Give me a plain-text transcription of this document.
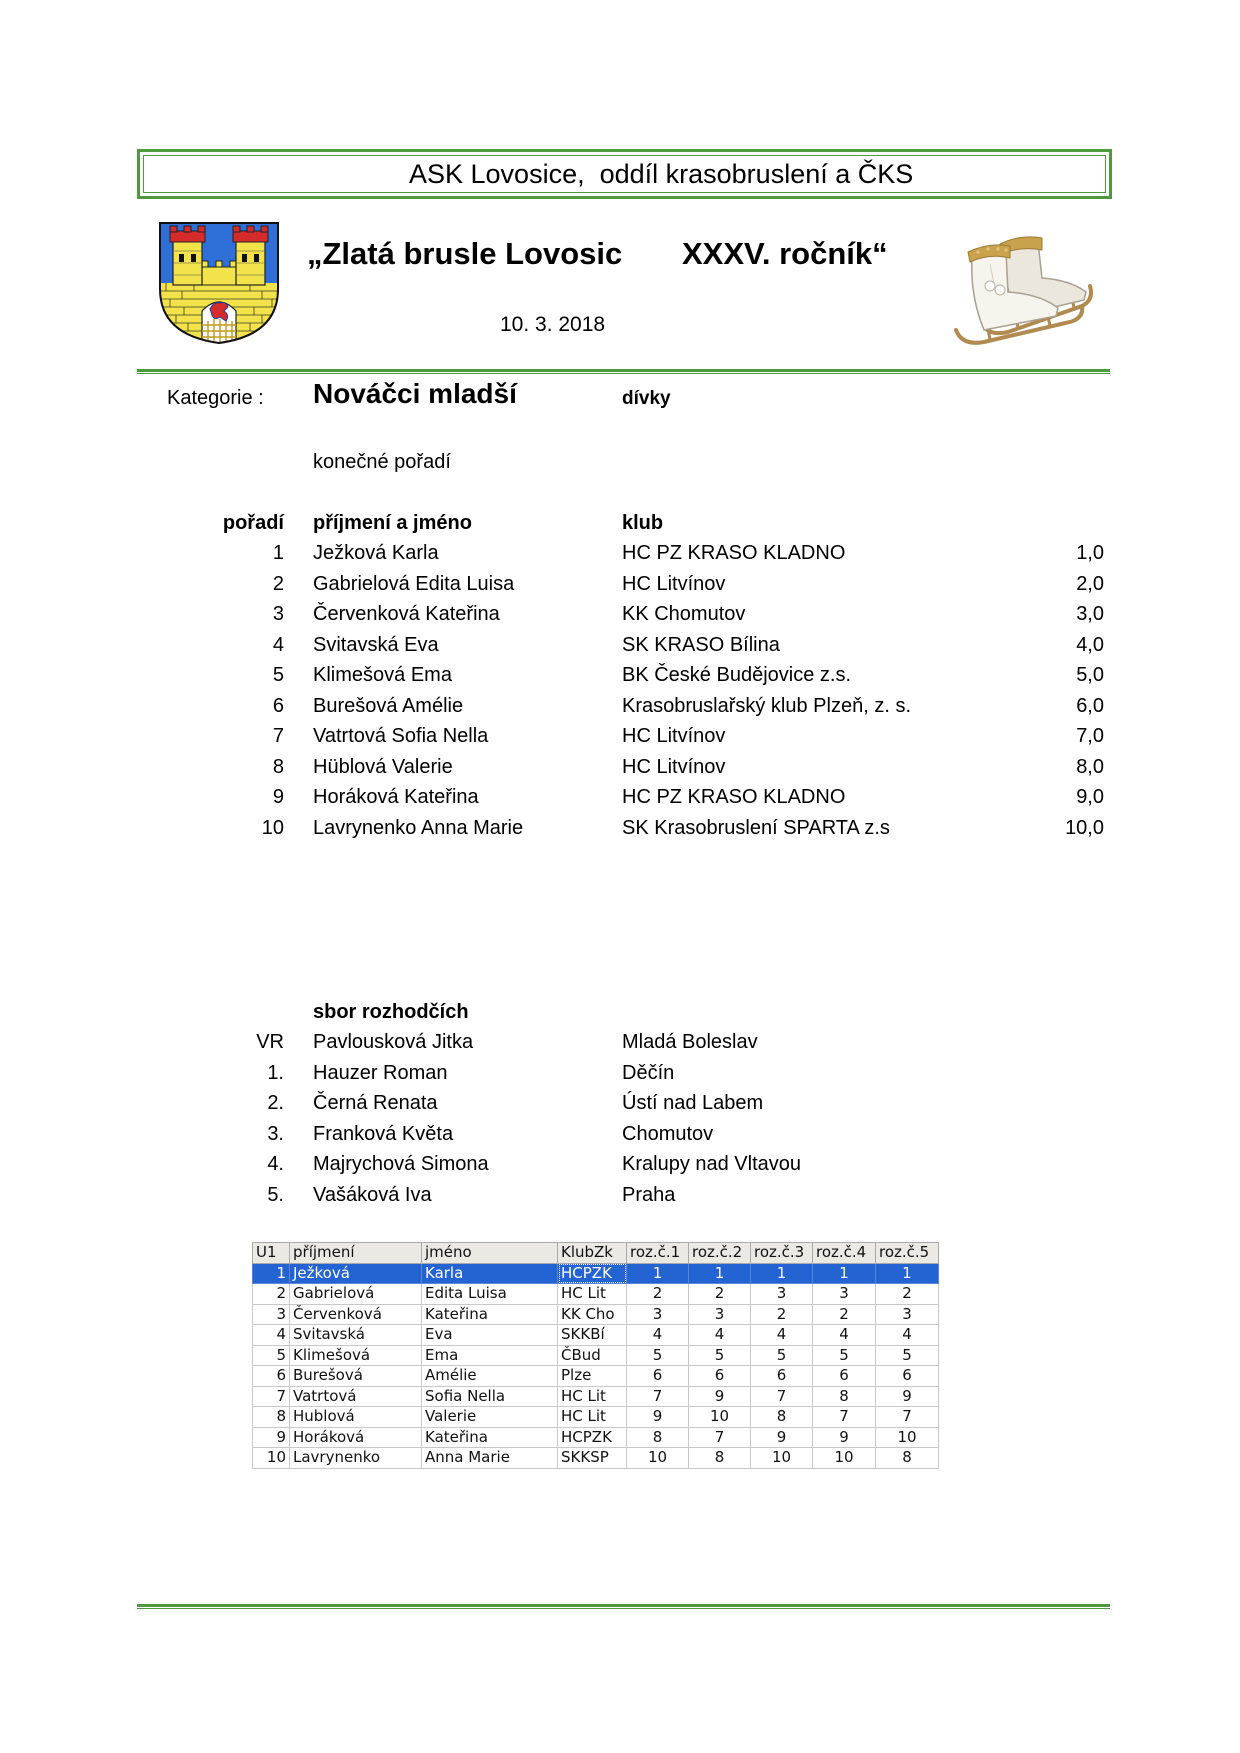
ASK Lovosice,  oddíl krasobruslení a ČKS
„Zlatá brusle Lovosic XXXV. ročník“
10. 3. 2018
Kategorie : Nováčci mladší	dívky
konečné pořadí
pořadí příjmení a jméno	klub
1 Ježková Karla	HC PZ KRASO KLADNO	1,0
2 Gabrielová Edita Luisa	HC Litvínov	2,0
3 Červenková Kateřina	KK Chomutov	3,0
4 Svitavská Eva	SK KRASO Bílina	4,0
5 Klimešová Ema	BK České Budějovice z.s.	5,0
6 Burešová Amélie	Krasobruslařský klub Plzeň, z. s.	6,0
7 Vatrtová Sofia Nella	HC Litvínov	7,0
8 Hüblová Valerie	HC Litvínov	8,0
9 Horáková Kateřina	HC PZ KRASO KLADNO	9,0
10 Lavrynenko Anna Marie	SK Krasobruslení SPARTA z.s	10,0
sbor rozhodčích
VR Pavlousková Jitka	Mladá Boleslav
1. Hauzer Roman	Děčín
2. Černá Renata	Ústí nad Labem
3. Franková Květa	Chomutov
4. Majrychová Simona	Kralupy nad Vltavou
5. Vašáková Iva	Praha
U1	příjmení	jméno	KlubZk	roz.č.1	roz.č.2	roz.č.3	roz.č.4	roz.č.5
1	Ježková	Karla	HCPZK	1	1	1	1	1
2	Gabrielová	Edita Luisa	HC Lit	2	2	3	3	2
3	Červenková	Kateřina	KK Cho	3	3	2	2	3
4	Svitavská	Eva	SKKBí	4	4	4	4	4
5	Klimešová	Ema	ČBud	5	5	5	5	5
6	Burešová	Amélie	Plze	6	6	6	6	6
7	Vatrtová	Sofia Nella	HC Lit	7	9	7	8	9
8	Hublová	Valerie	HC Lit	9	10	8	7	7
9	Horáková	Kateřina	HCPZK	8	7	9	9	10
10	Lavrynenko	Anna Marie	SKKSP	10	8	10	10	8
